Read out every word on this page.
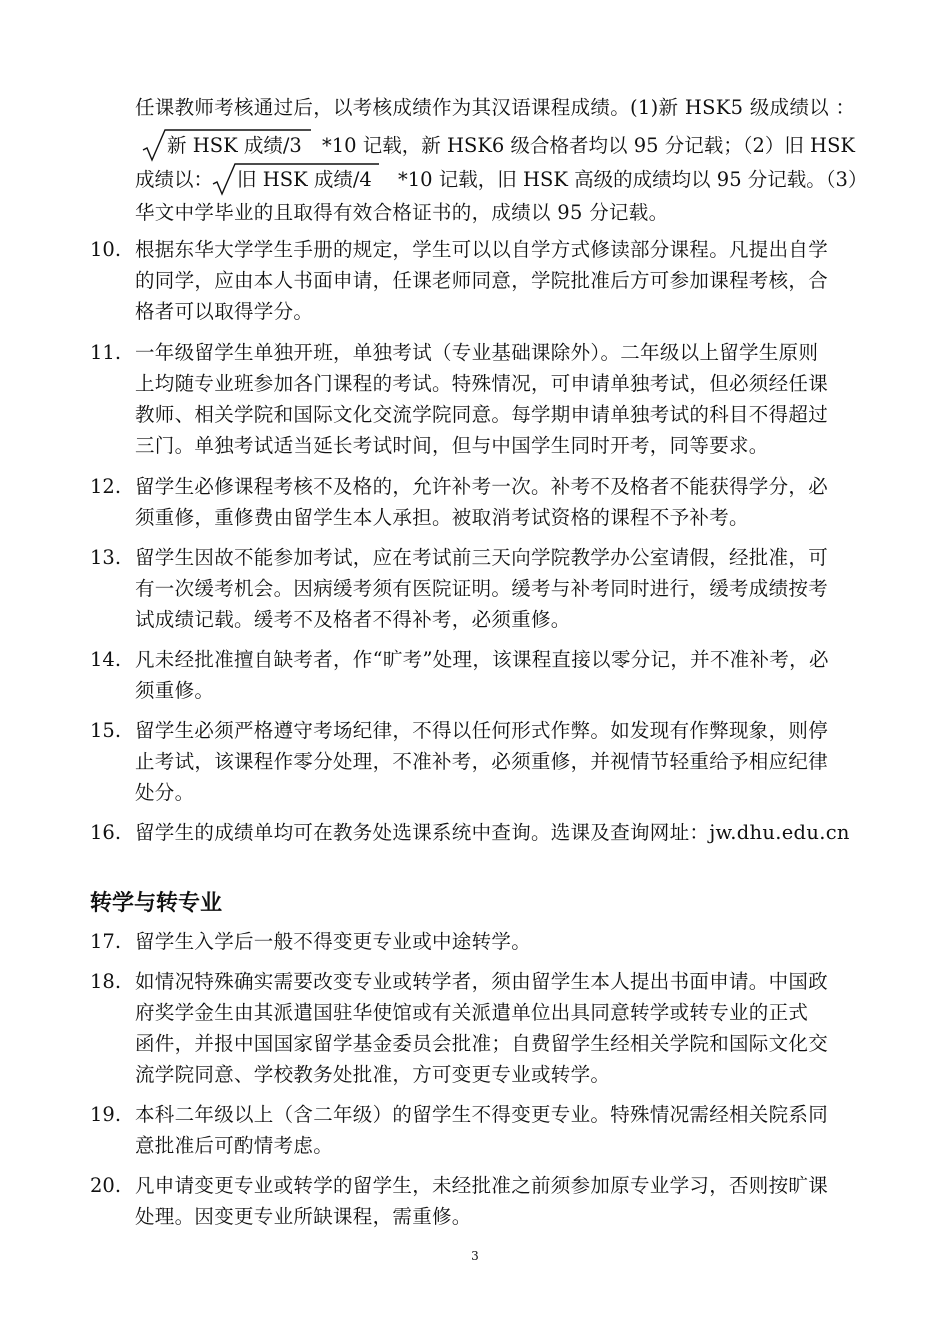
任课教师考核通过后，以考核成绩作为其汉语课程成绩。(1)新 HSK5 级成绩以 ：
新 HSK 成绩/3 *10 记载，新 HSK6 级合格者均以 95 分记载；（2）旧 HSK
成绩以： 旧 HSK 成绩/4 *10 记载，旧 HSK 高级的成绩均以 95 分记载。（3）
华文中学毕业的且取得有效合格证书的，成绩以 95 分记载。
10. 根据东华大学学生手册的规定，学生可以以自学方式修读部分课程。凡提出自学
的同学，应由本人书面申请，任课老师同意，学院批准后方可参加课程考核，合
格者可以取得学分。
11. 一年级留学生单独开班，单独考试（专业基础课除外）。二年级以上留学生原则
上均随专业班参加各门课程的考试。特殊情况，可申请单独考试，但必须经任课
教师、相关学院和国际文化交流学院同意。每学期申请单独考试的科目不得超过
三门。单独考试适当延长考试时间，但与中国学生同时开考，同等要求。
12. 留学生必修课程考核不及格的，允许补考一次。补考不及格者不能获得学分，必
须重修，重修费由留学生本人承担。被取消考试资格的课程不予补考。
13. 留学生因故不能参加考试，应在考试前三天向学院教学办公室请假，经批准，可
有一次缓考机会。因病缓考须有医院证明。缓考与补考同时进行，缓考成绩按考
试成绩记载。缓考不及格者不得补考，必须重修。
14. 凡未经批准擅自缺考者，作“旷考”处理，该课程直接以零分记，并不准补考，必
须重修。
15. 留学生必须严格遵守考场纪律，不得以任何形式作弊。如发现有作弊现象，则停
止考试，该课程作零分处理，不准补考，必须重修，并视情节轻重给予相应纪律
处分。
16. 留学生的成绩单均可在教务处选课系统中查询。选课及查询网址：jw.dhu.edu.cn
转学与转专业
17. 留学生入学后一般不得变更专业或中途转学。
18. 如情况特殊确实需要改变专业或转学者，须由留学生本人提出书面申请。中国政
府奖学金生由其派遣国驻华使馆或有关派遣单位出具同意转学或转专业的正式
函件，并报中国国家留学基金委员会批准；自费留学生经相关学院和国际文化交
流学院同意、学校教务处批准，方可变更专业或转学。
19. 本科二年级以上（含二年级）的留学生不得变更专业。特殊情况需经相关院系同
意批准后可酌情考虑。
20. 凡申请变更专业或转学的留学生，未经批准之前须参加原专业学习，否则按旷课
处理。因变更专业所缺课程，需重修。
3
